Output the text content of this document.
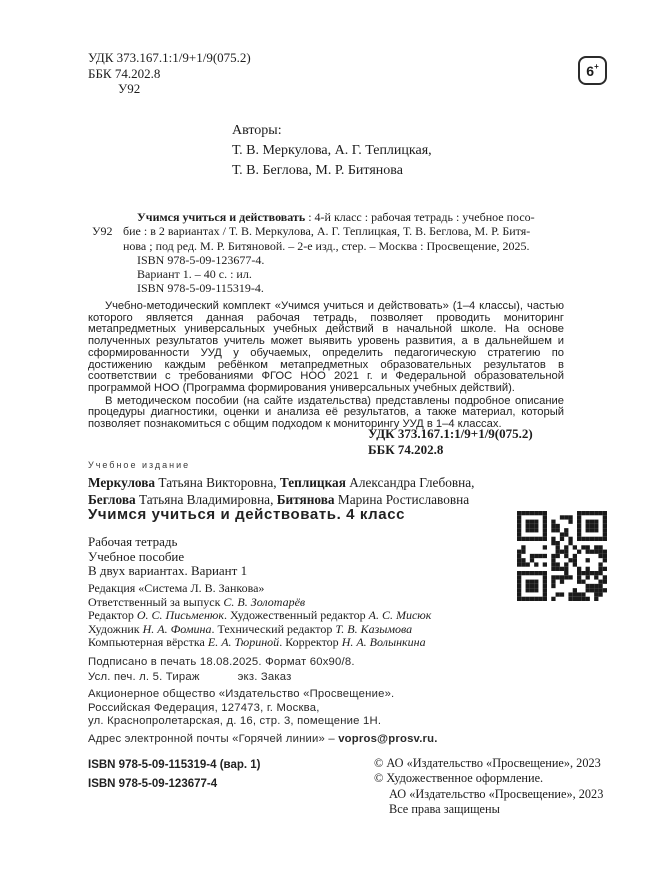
УДК 373.167.1:1/9+1/9(075.2)
ББК 74.202.8
У92
6 +
Авторы:
Т. В. Меркулова, А. Г. Теплицкая,
Т. В. Беглова, М. Р. Битянова
У92
Учимся учиться и действовать : 4-й класс : рабочая тетрадь : учебное посо-
бие : в 2 вариантах / Т. В. Меркулова, А. Г. Теплицкая, Т. В. Беглова, М. Р. Битя-
нова ; под ред. М. Р. Битяновой. – 2-е изд., стер. – Москва : Просвещение, 2025.
ISBN 978-5-09-123677-4.
Вариант 1. – 40 с. : ил.
ISBN 978-5-09-115319-4.

Учебно-методический комплект «Учимся учиться и действовать» (1–4 классы), частью которого является данная рабочая тетрадь, позволяет проводить мониторинг метапредметных универсальных учебных действий в начальной школе. На основе полученных результатов учитель может выявить уровень развития, а в дальнейшем и сформированности УУД у обучаемых, определить педагогическую стратегию по достижению каждым ребёнком метапредметных образовательных результатов в соответствии с требованиями ФГОС НОО 2021 г. и Федеральной образовательной программой НОО (Программа формирования универсальных учебных действий).

В методическом пособии (на сайте издательства) представлены подробное описание процедуры диагностики, оценки и анализа её результатов, а также материал, который позволяет познакомиться с общим подходом к мониторингу УУД в 1–4 классах.

УДК 373.167.1:1/9+1/9(075.2)
ББК 74.202.8
Учебное издание
Меркулова Татьяна Викторовна, Теплицкая Александра Глебовна,
Беглова Татьяна Владимировна, Битянова Марина Ростиславовна
Учимся учиться и действовать. 4 класс
Рабочая тетрадь
Учебное пособие
В двух вариантах. Вариант 1
Редакция «Система Л. В. Занкова»
Ответственный за выпуск С. В. Золотарёв
Редактор О. С. Письменюк. Художественный редактор А. С. Мисюк
Художник Н. А. Фомина. Технический редактор Т. В. Казымова
Компьютерная вёрстка Е. А. Тюриной. Корректор Н. А. Волынкина
Подписано в печать 18.08.2025. Формат 60х90/8.
Усл. печ. л. 5. Тираж	экз. Заказ
Акционерное общество «Издательство «Просвещение».
Российская Федерация, 127473, г. Москва,
ул. Краснопролетарская, д. 16, стр. 3, помещение 1Н.
Адрес электронной почты «Горячей линии» – vopros@prosv.ru.
ISBN 978-5-09-115319-4 (вар. 1)
ISBN 978-5-09-123677-4
© АО «Издательство «Просвещение», 2023
© Художественное оформление.
АО «Издательство «Просвещение», 2023
Все права защищены
